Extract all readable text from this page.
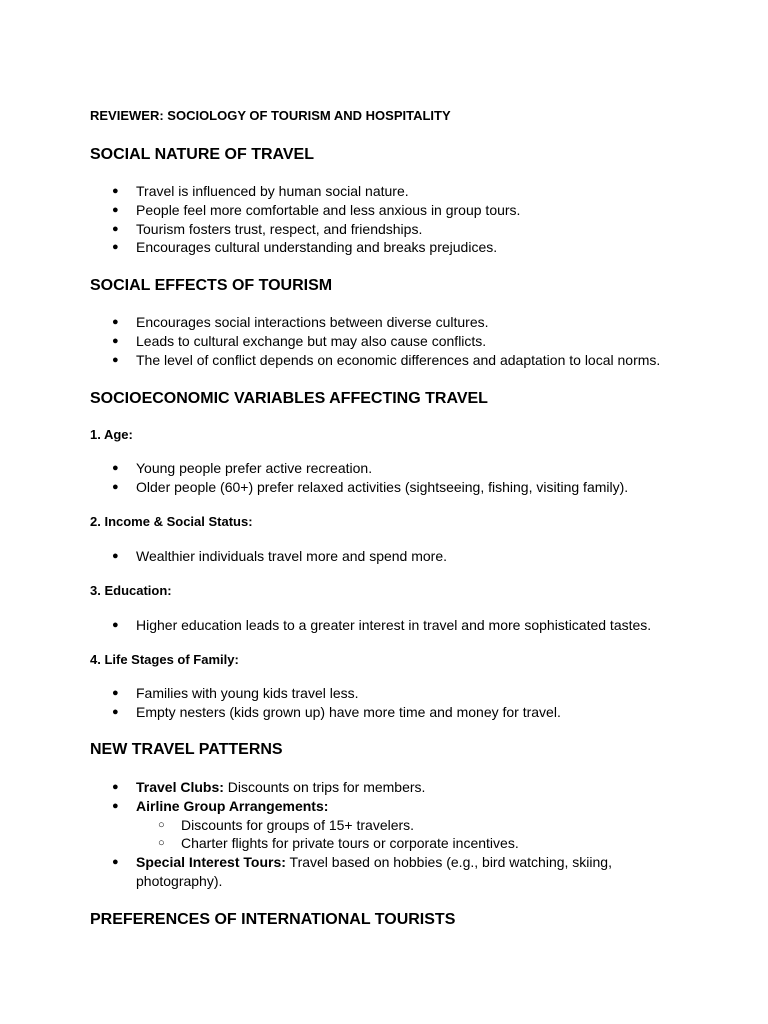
REVIEWER: SOCIOLOGY OF TOURISM AND HOSPITALITY
SOCIAL NATURE OF TRAVEL
● Travel is influenced by human social nature.
● People feel more comfortable and less anxious in group tours.
● Tourism fosters trust, respect, and friendships.
● Encourages cultural understanding and breaks prejudices.
SOCIAL EFFECTS OF TOURISM
● Encourages social interactions between diverse cultures.
● Leads to cultural exchange but may also cause conflicts.
● The level of conflict depends on economic differences and adaptation to local norms.
SOCIOECONOMIC VARIABLES AFFECTING TRAVEL
1. Age:
● Young people prefer active recreation.
● Older people (60+) prefer relaxed activities (sightseeing, fishing, visiting family).
2. Income & Social Status:
● Wealthier individuals travel more and spend more.
3. Education:
● Higher education leads to a greater interest in travel and more sophisticated tastes.
4. Life Stages of Family:
● Families with young kids travel less.
● Empty nesters (kids grown up) have more time and money for travel.
NEW TRAVEL PATTERNS
● Travel Clubs: Discounts on trips for members.
● Airline Group Arrangements:
○ Discounts for groups of 15+ travelers.
○ Charter flights for private tours or corporate incentives.
● Special Interest Tours: Travel based on hobbies (e.g., bird watching, skiing, photography).
PREFERENCES OF INTERNATIONAL TOURISTS
